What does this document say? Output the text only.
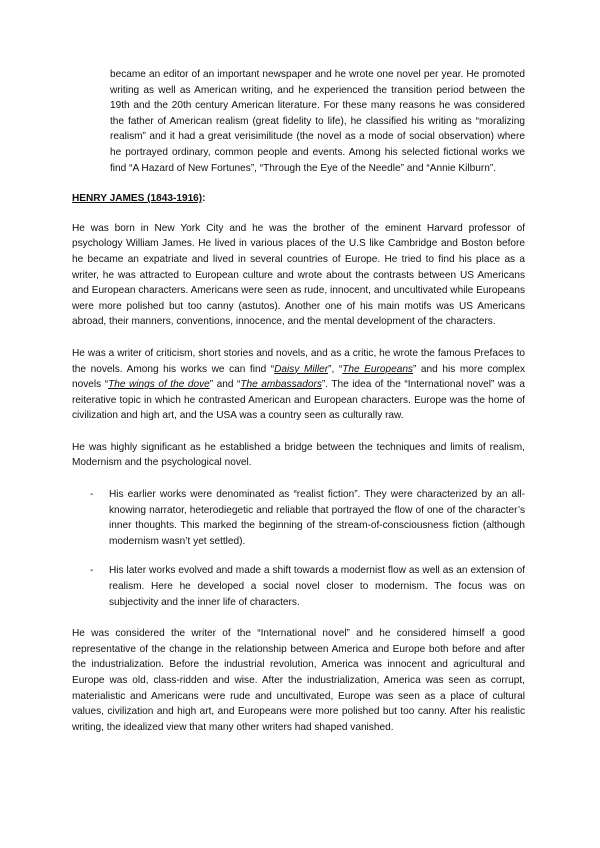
became an editor of an important newspaper and he wrote one novel per year. He promoted writing as well as American writing, and he experienced the transition period between the 19th and the 20th century American literature. For these many reasons he was considered the father of American realism (great fidelity to life), he classified his writing as “moralizing realism” and it had a great verisimilitude (the novel as a mode of social observation) where he portrayed ordinary, common people and events. Among his selected fictional works we find “A Hazard of New Fortunes”, “Through the Eye of the Needle” and “Annie Kilburn”.

HENRY JAMES (1843-1916):

He was born in New York City and he was the brother of the eminent Harvard professor of psychology William James. He lived in various places of the U.S like Cambridge and Boston before he became an expatriate and lived in several countries of Europe. He tried to find his place as a writer, he was attracted to European culture and wrote about the contrasts between US Americans and European characters. Americans were seen as rude, innocent, and uncultivated while Europeans were more polished but too canny (astutos). Another one of his main motifs was US Americans abroad, their manners, conventions, innocence, and the mental development of the characters.

He was a writer of criticism, short stories and novels, and as a critic, he wrote the famous Prefaces to the novels. Among his works we can find “Daisy Miller”, “The Europeans” and his more complex novels “The wings of the dove” and “The ambassadors”. The idea of the “International novel” was a reiterative topic in which he contrasted American and European characters. Europe was the home of civilization and high art, and the USA was a country seen as culturally raw.

He was highly significant as he established a bridge between the techniques and limits of realism, Modernism and the psychological novel.

- His earlier works were denominated as “realist fiction”. They were characterized by an all-knowing narrator, heterodiegetic and reliable that portrayed the flow of one of the character’s inner thoughts. This marked the beginning of the stream-of-consciousness fiction (although modernism wasn’t yet settled).
- His later works evolved and made a shift towards a modernist flow as well as an extension of realism. Here he developed a social novel closer to modernism. The focus was on subjectivity and the inner life of characters.

He was considered the writer of the “International novel” and he considered himself a good representative of the change in the relationship between America and Europe both before and after the industrialization. Before the industrial revolution, America was innocent and agricultural and Europe was old, class-ridden and wise. After the industrialization, America was seen as corrupt, materialistic and Americans were rude and uncultivated, Europe was seen as a place of cultural values, civilization and high art, and Europeans were more polished but too canny. After his realistic writing, the idealized view that many other writers had shaped vanished.
